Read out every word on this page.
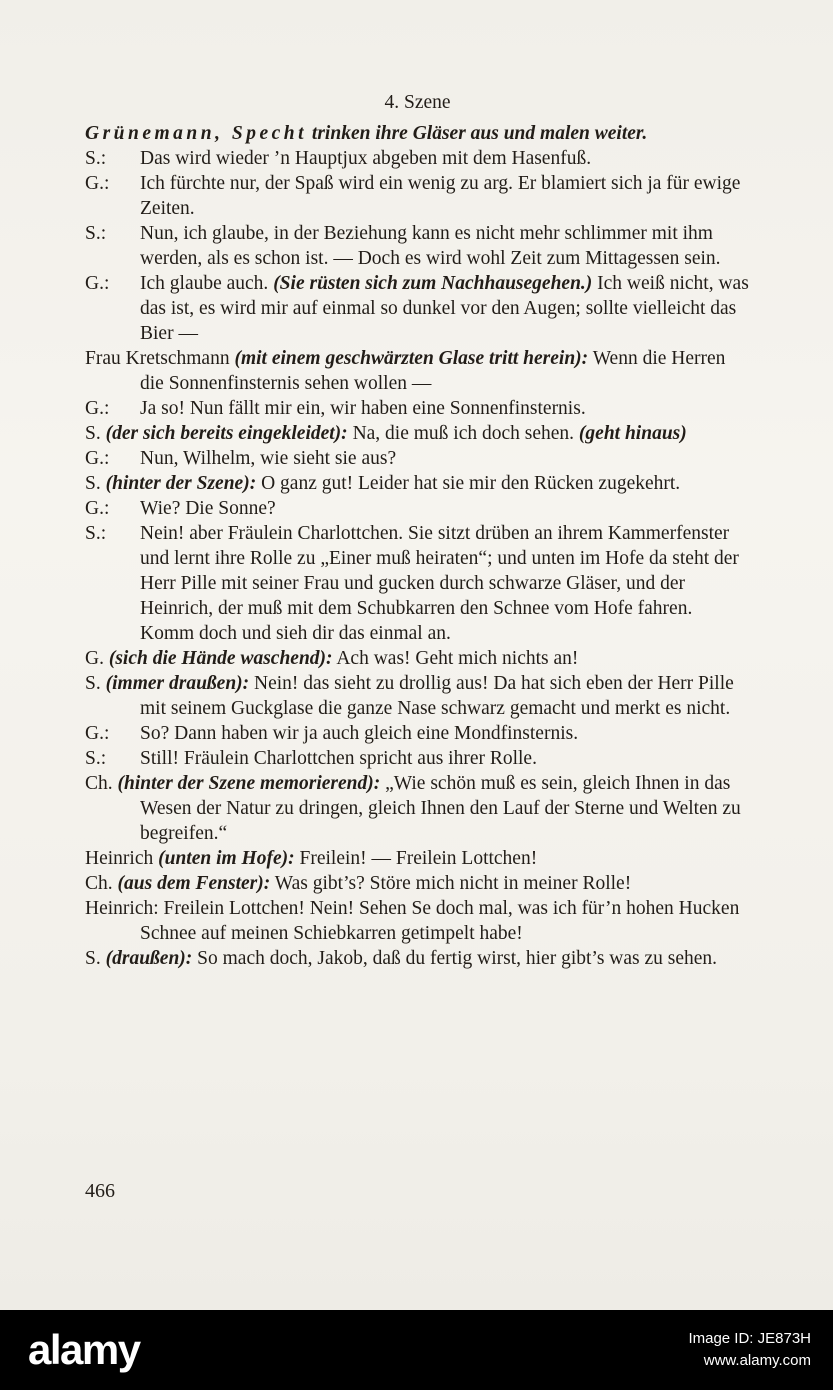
4. Szene

Grünemann, Specht trinken ihre Gläser aus und malen weiter.

S.: Das wird wieder ’n Hauptjux abgeben mit dem Hasenfuß.

G.: Ich fürchte nur, der Spaß wird ein wenig zu arg. Er blamiert sich ja für ewige Zeiten.

S.: Nun, ich glaube, in der Beziehung kann es nicht mehr schlimmer mit ihm werden, als es schon ist. — Doch es wird wohl Zeit zum Mittagessen sein.

G.: Ich glaube auch. (Sie rüsten sich zum Nachhausegehen.) Ich weiß nicht, was das ist, es wird mir auf einmal so dunkel vor den Augen; sollte vielleicht das Bier —

Frau Kretschmann (mit einem geschwärzten Glase tritt herein): Wenn die Herren die Sonnenfinsternis sehen wollen —

G.: Ja so! Nun fällt mir ein, wir haben eine Sonnenfinsternis.

S. (der sich bereits eingekleidet): Na, die muß ich doch sehen. (geht hinaus)

G.: Nun, Wilhelm, wie sieht sie aus?

S. (hinter der Szene): O ganz gut! Leider hat sie mir den Rücken zugekehrt.

G.: Wie? Die Sonne?

S.: Nein! aber Fräulein Charlottchen. Sie sitzt drüben an ihrem Kammerfenster und lernt ihre Rolle zu „Einer muß heiraten“; und unten im Hofe da steht der Herr Pille mit seiner Frau und gucken durch schwarze Gläser, und der Heinrich, der muß mit dem Schubkarren den Schnee vom Hofe fahren. Komm doch und sieh dir das einmal an.

G. (sich die Hände waschend): Ach was! Geht mich nichts an!

S. (immer draußen): Nein! das sieht zu drollig aus! Da hat sich eben der Herr Pille mit seinem Guckglase die ganze Nase schwarz gemacht und merkt es nicht.

G.: So? Dann haben wir ja auch gleich eine Mondfinsternis.

S.: Still! Fräulein Charlottchen spricht aus ihrer Rolle.

Ch. (hinter der Szene memorierend): „Wie schön muß es sein, gleich Ihnen in das Wesen der Natur zu dringen, gleich Ihnen den Lauf der Sterne und Welten zu begreifen.“

Heinrich (unten im Hofe): Freilein! — Freilein Lottchen!

Ch. (aus dem Fenster): Was gibt’s? Störe mich nicht in meiner Rolle!

Heinrich: Freilein Lottchen! Nein! Sehen Se doch mal, was ich für’n hohen Hucken Schnee auf meinen Schiebkarren getimpelt habe!

S. (draußen): So mach doch, Jakob, daß du fertig wirst, hier gibt’s was zu sehen.

466
alamy	Image ID: JE873H
www.alamy.com
